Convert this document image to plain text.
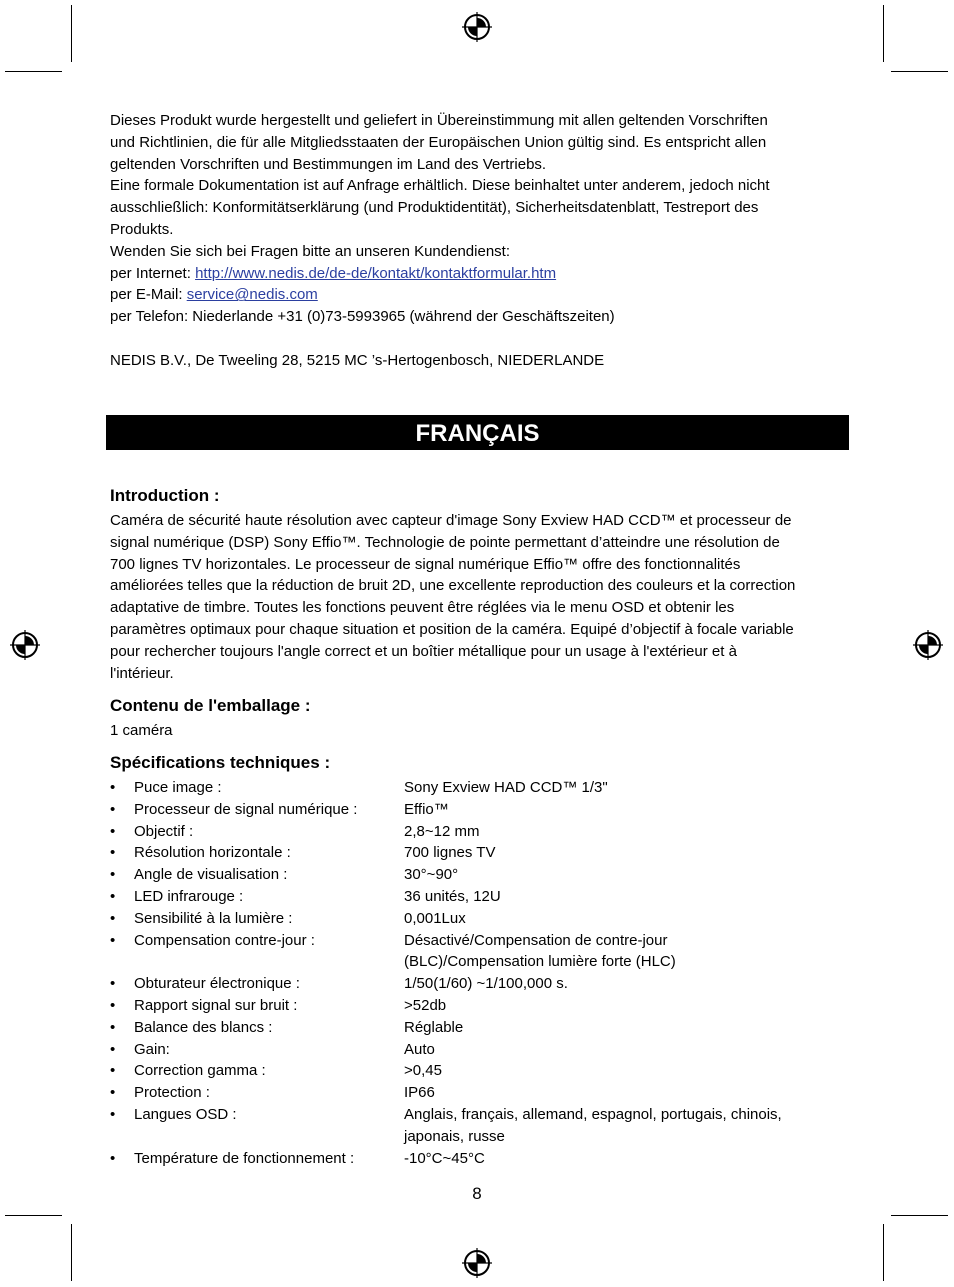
Dieses Produkt wurde hergestellt und geliefert in Übereinstimmung mit allen geltenden Vorschriften

und Richtlinien, die für alle Mitgliedsstaaten der Europäischen Union gültig sind. Es entspricht allen

geltenden Vorschriften und Bestimmungen im Land des Vertriebs.

Eine formale Dokumentation ist auf Anfrage erhältlich. Diese beinhaltet unter anderem, jedoch nicht

ausschließlich: Konformitätserklärung (und Produktidentität), Sicherheitsdatenblatt, Testreport des

Produkts.

Wenden Sie sich bei Fragen bitte an unseren Kundendienst:

per Internet: http://www.nedis.de/de-de/kontakt/kontaktformular.htm

per E-Mail: service@nedis.com

per Telefon: Niederlande +31 (0)73-5993965 (während der Geschäftszeiten)

NEDIS B.V., De Tweeling 28, 5215 MC ’s-Hertogenbosch, NIEDERLANDE

FRANÇAIS
Introduction :

Caméra de sécurité haute résolution avec capteur d'image Sony Exview HAD CCD™ et processeur de

signal numérique (DSP) Sony Effio™. Technologie de pointe permettant d’atteindre une résolution de

700 lignes TV horizontales. Le processeur de signal numérique Effio™ offre des fonctionnalités

améliorées telles que la réduction de bruit 2D, une excellente reproduction des couleurs et la correction

adaptative de timbre. Toutes les fonctions peuvent être réglées via le menu OSD et obtenir les

paramètres optimaux pour chaque situation et position de la caméra. Equipé d’objectif à focale variable

pour rechercher toujours l'angle correct et un boîtier métallique pour un usage à l'extérieur et à

l'intérieur.

Contenu de l'emballage :

1 caméra

Spécifications techniques :
•	Puce image :	Sony Exview HAD CCD™ 1/3"
•	Processeur de signal numérique :	Effio™
•	Objectif :	2,8~12 mm
•	Résolution horizontale :	700 lignes TV
•	Angle de visualisation :	30°~90°
•	LED infrarouge :	36 unités, 12U
•	Sensibilité à la lumière :	0,001Lux
•	Compensation contre-jour :	Désactivé/Compensation de contre-jour
(BLC)/Compensation lumière forte (HLC)
•	Obturateur électronique :	1/50(1/60) ~1/100,000 s.
•	Rapport signal sur bruit :	>52db
•	Balance des blancs :	Réglable
•	Gain:	Auto
•	Correction gamma :	>0,45
•	Protection :	IP66
•	Langues OSD :	Anglais, français, allemand, espagnol, portugais, chinois,
japonais, russe
•	Température de fonctionnement :	-10°C~45°C
8
